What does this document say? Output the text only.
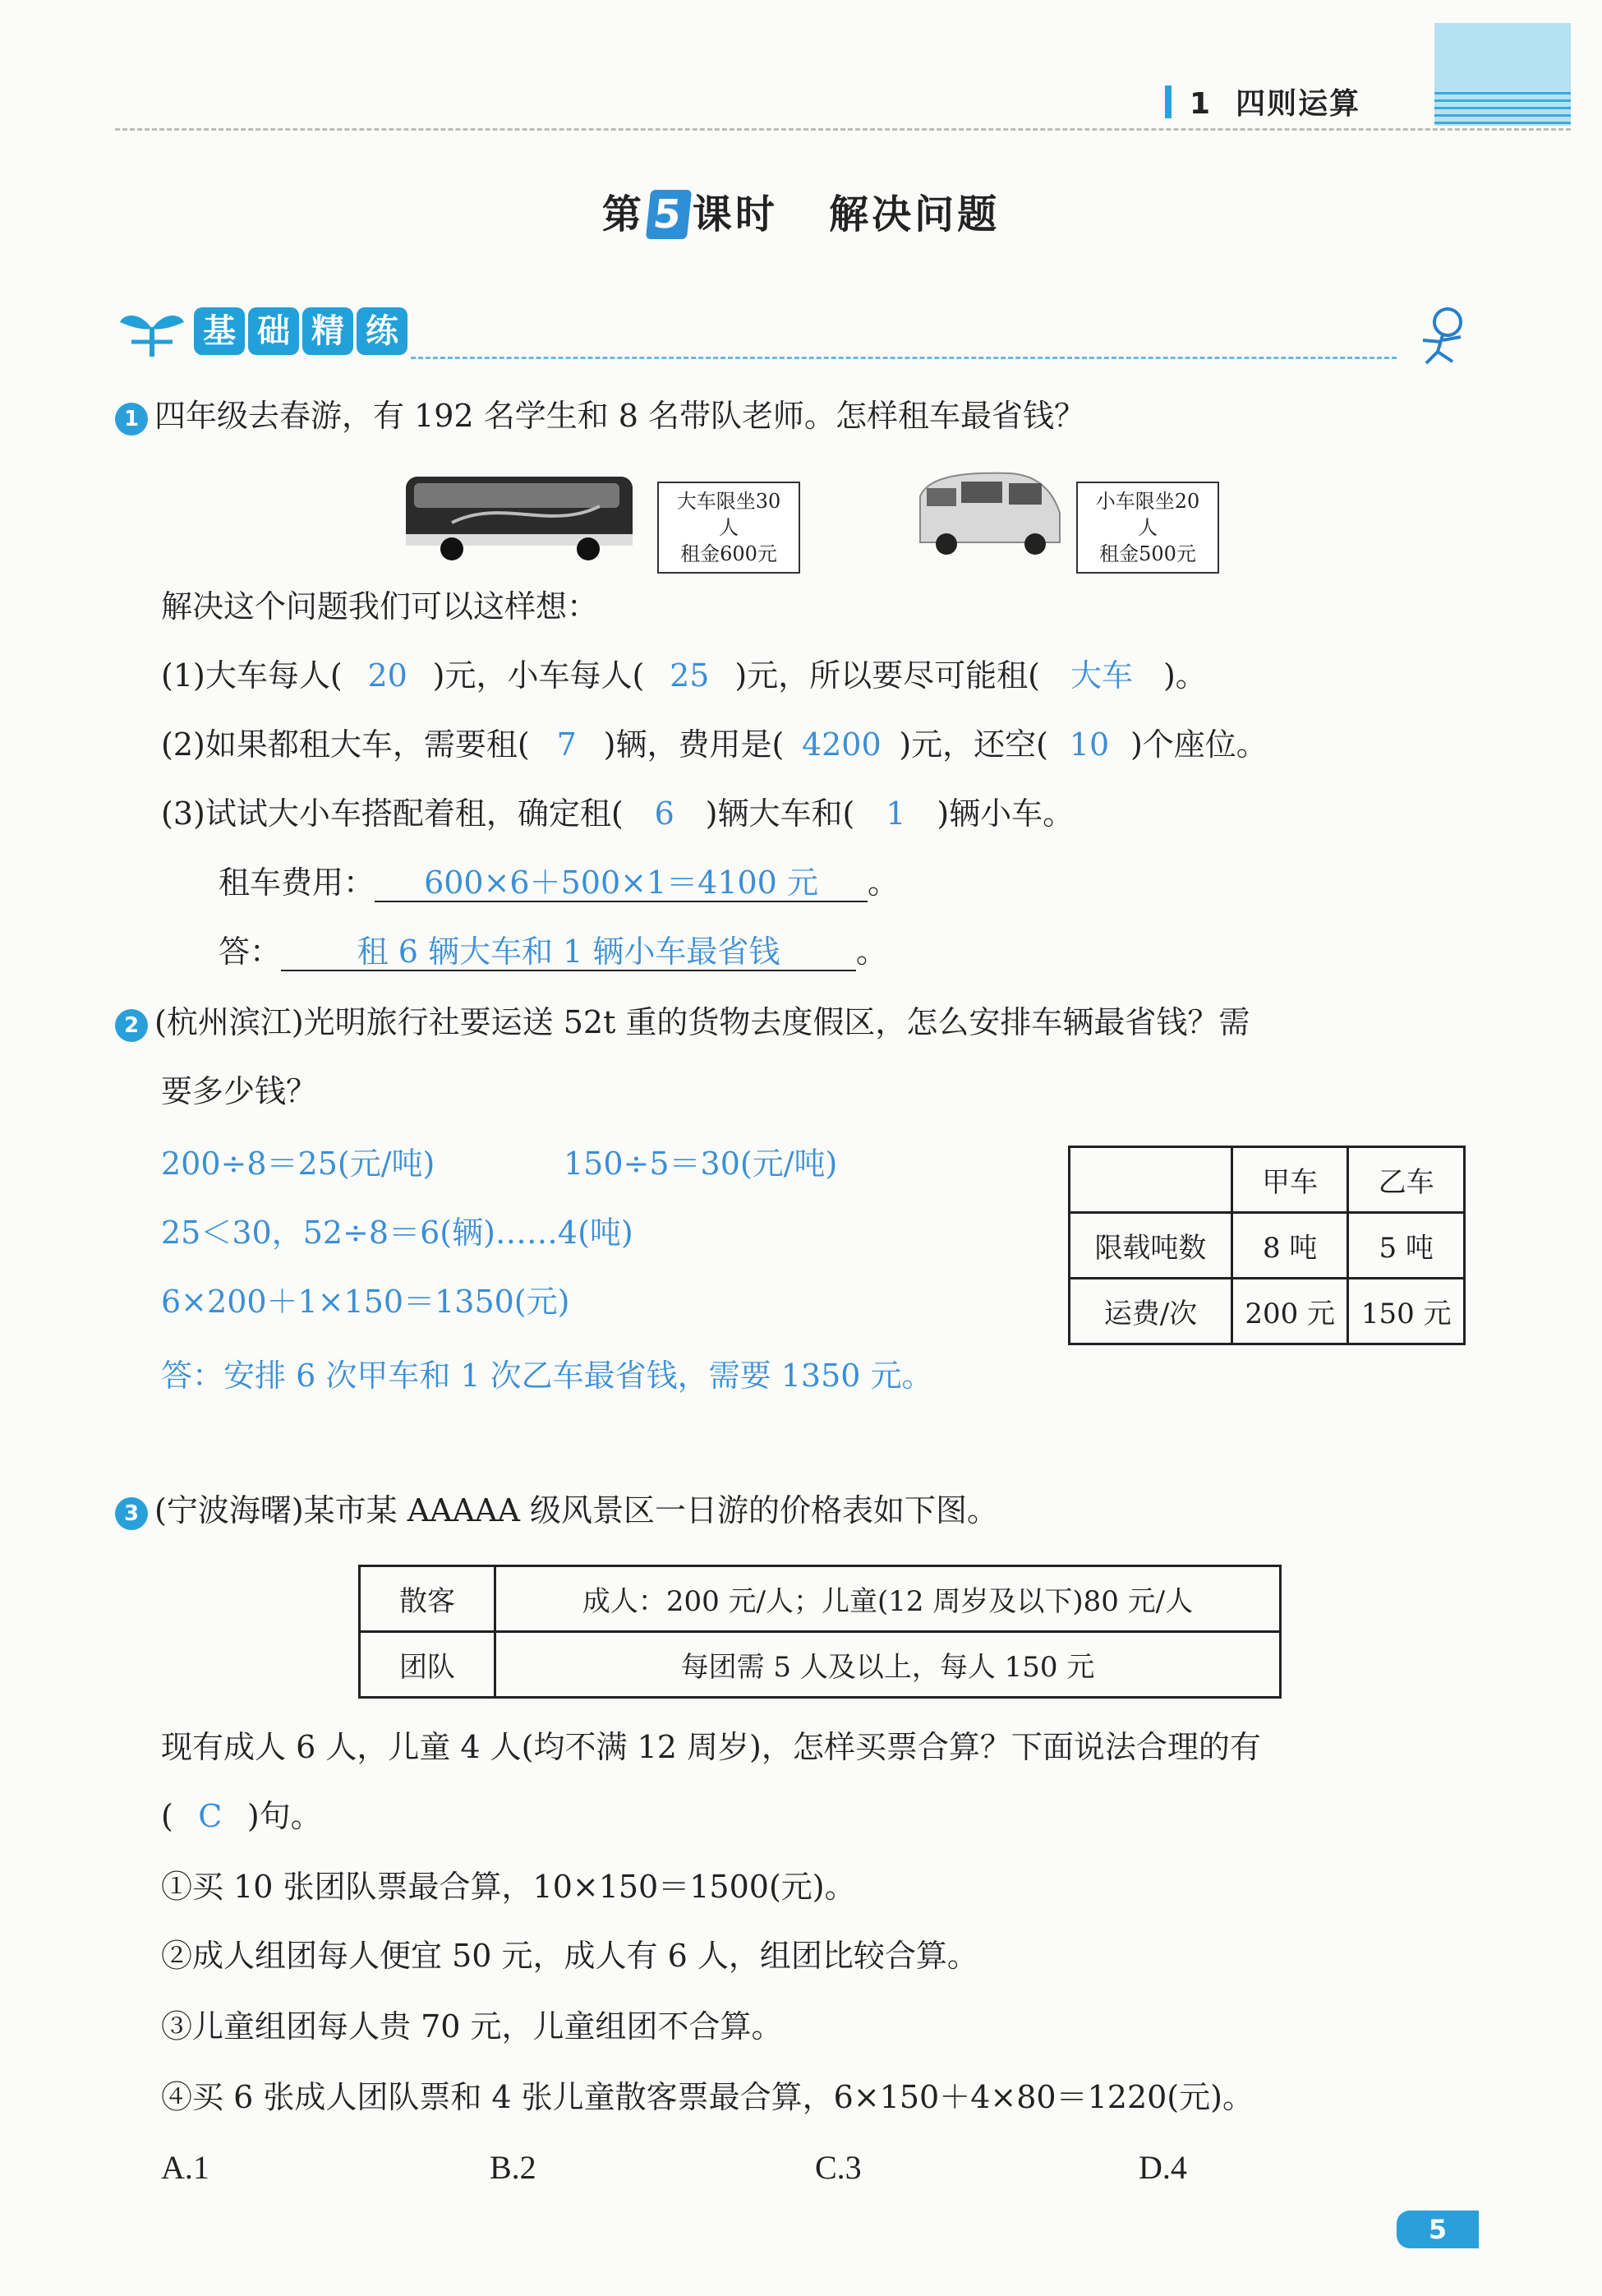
1 四则运算
第 5 课时 解决问题
基 础 精 练
1 四年级去春游，有 192 名学生和 8 名带队老师。怎样租车最省钱？
大车限坐30人
租金600元
小车限坐20人
租金500元
解决这个问题我们可以这样想：
(1)大车每人( 20 )元，小车每人( 25 )元，所以要尽可能租( 大车 )。
(2)如果都租大车，需要租( 7 )辆，费用是( 4200 )元，还空( 10 )个座位。
(3)试试大小车搭配着租，确定租( 6 )辆大车和( 1 )辆小车。
租车费用： 600×6＋500×1＝4100 元 。
答： 租 6 辆大车和 1 辆小车最省钱 。
2 (杭州滨江)光明旅行社要运送 52t 重的货物去度假区，怎么安排车辆最省钱？需
要多少钱？
200÷8＝25(元/吨)	150÷5＝30(元/吨)
25＜30，52÷8＝6(辆)……4(吨)
6×200＋1×150＝1350(元)
答：安排 6 次甲车和 1 次乙车最省钱，需要 1350 元。
	甲车	乙车
限载吨数	8 吨	5 吨
运费/次	200 元	150 元
3 (宁波海曙)某市某 AAAAA 级风景区一日游的价格表如下图。
散客	成人：200 元/人；儿童(12 周岁及以下)80 元/人
团队	每团需 5 人及以上，每人 150 元
现有成人 6 人，儿童 4 人(均不满 12 周岁)，怎样买票合算？下面说法合理的有
( C )句。
①买 10 张团队票最合算，10×150＝1500(元)。
②成人组团每人便宜 50 元，成人有 6 人，组团比较合算。
③儿童组团每人贵 70 元，儿童组团不合算。
④买 6 张成人团队票和 4 张儿童散客票最合算，6×150＋4×80＝1220(元)。
A.1	B.2	C.3	D.4
5
